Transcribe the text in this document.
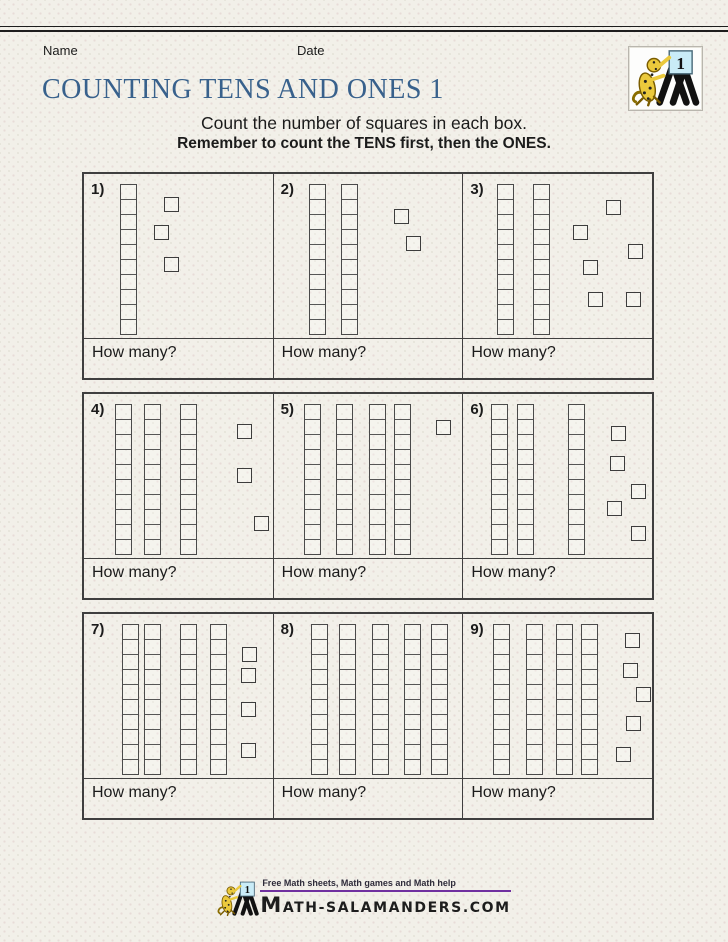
Name	Date
COUNTING TENS AND ONES 1
Count the number of squares in each box.
Remember to count the TENS first, then the ONES.
1)
How many?
2)
How many?
3)
How many?
4)
How many?
5)
How many?
6)
How many?
7)
How many?
8)
How many?
9)
How many?
Free Math sheets, Math games and Math help
MATH-SALAMANDERS.COM
